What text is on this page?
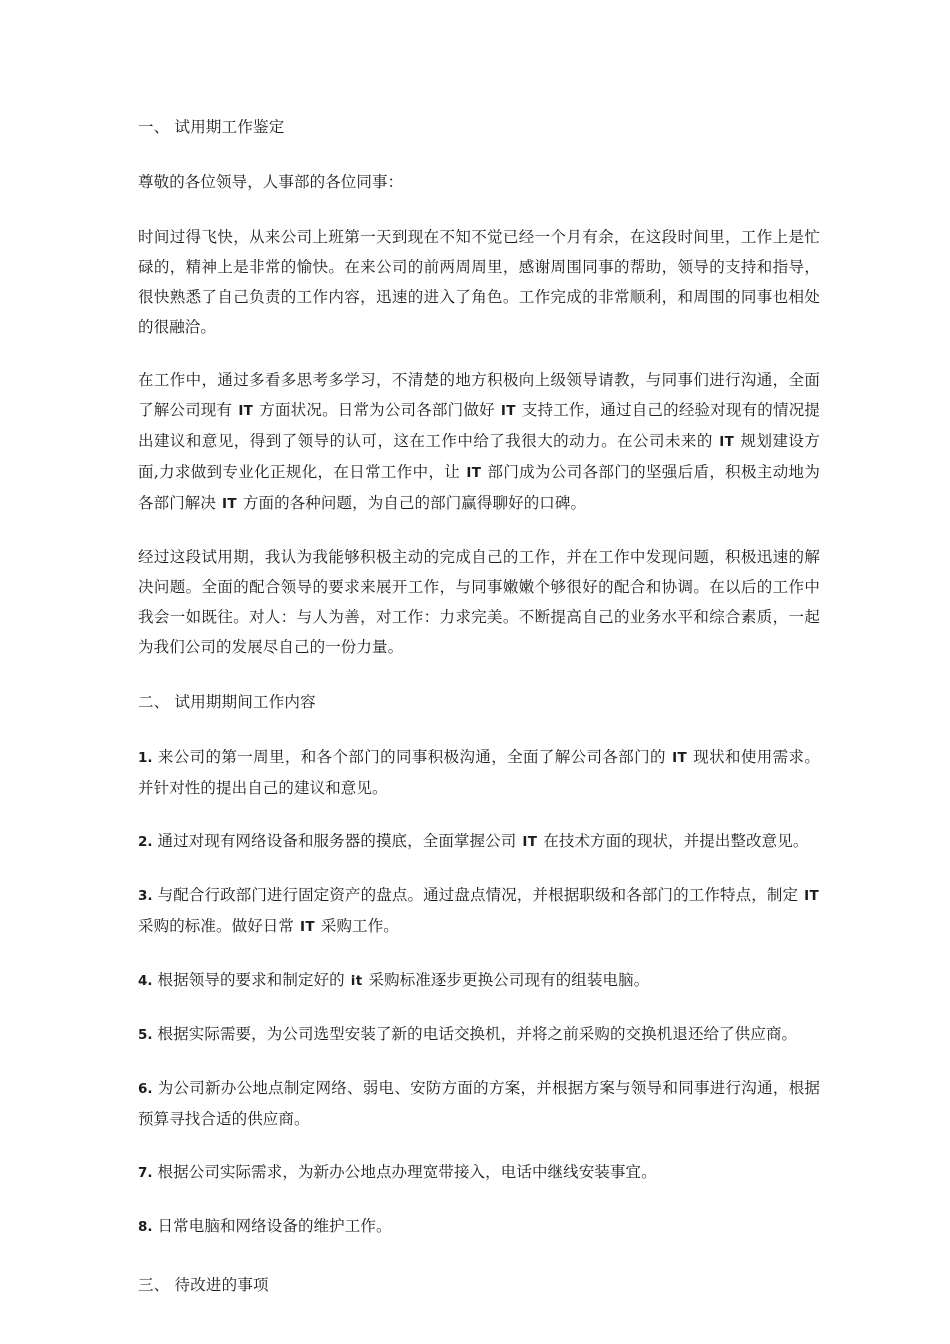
一、 试用期工作鉴定

尊敬的各位领导，人事部的各位同事：

时间过得飞快，从来公司上班第一天到现在不知不觉已经一个月有余，在这段时间里，工作上是忙碌的，精神上是非常的愉快。在来公司的前两周周里，感谢周围同事的帮助，领导的支持和指导，很快熟悉了自己负责的工作内容，迅速的进入了角色。工作完成的非常顺利，和周围的同事也相处的很融洽。

在工作中，通过多看多思考多学习，不清楚的地方积极向上级领导请教，与同事们进行沟通，全面了解公司现有 IT 方面状况。日常为公司各部门做好 IT 支持工作，通过自己的经验对现有的情况提出建议和意见，得到了领导的认可，这在工作中给了我很大的动力。在公司未来的 IT 规划建设方面,力求做到专业化正规化，在日常工作中，让 IT 部门成为公司各部门的坚强后盾，积极主动地为各部门解决 IT 方面的各种问题，为自己的部门赢得聊好的口碑。

经过这段试用期，我认为我能够积极主动的完成自己的工作，并在工作中发现问题，积极迅速的解决问题。全面的配合领导的要求来展开工作，与同事嫩嫩个够很好的配合和协调。在以后的工作中我会一如既往。对人：与人为善，对工作：力求完美。不断提高自己的业务水平和综合素质，一起为我们公司的发展尽自己的一份力量。

二、 试用期期间工作内容

1. 来公司的第一周里，和各个部门的同事积极沟通，全面了解公司各部门的 IT 现状和使用需求。并针对性的提出自己的建议和意见。

2. 通过对现有网络设备和服务器的摸底，全面掌握公司 IT 在技术方面的现状，并提出整改意见。

3. 与配合行政部门进行固定资产的盘点。通过盘点情况，并根据职级和各部门的工作特点，制定 IT 采购的标准。做好日常 IT 采购工作。

4. 根据领导的要求和制定好的 it 采购标准逐步更换公司现有的组装电脑。

5. 根据实际需要，为公司选型安装了新的电话交换机，并将之前采购的交换机退还给了供应商。

6. 为公司新办公地点制定网络、弱电、安防方面的方案，并根据方案与领导和同事进行沟通，根据预算寻找合适的供应商。

7. 根据公司实际需求，为新办公地点办理宽带接入，电话中继线安装事宜。

8. 日常电脑和网络设备的维护工作。

三、 待改进的事项
